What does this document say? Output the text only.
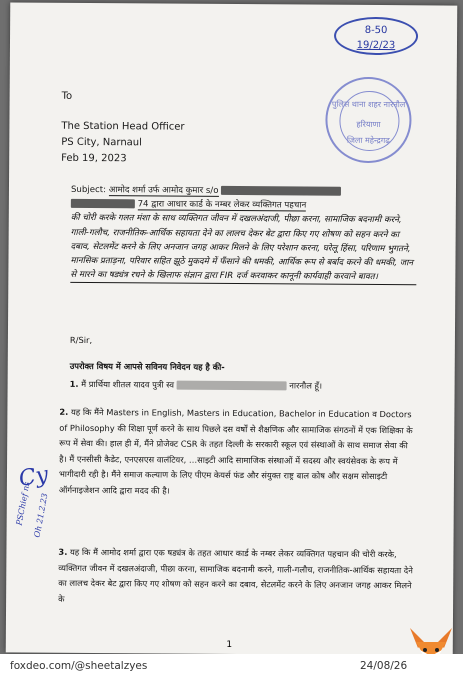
8-50
19/2/23
पुलिस थाना शहर नारनौल
हरियाणा
जिला महेन्द्रगढ़
To
The Station Head Officer
PS City, Narnaul
Feb 19, 2023
Subject: आमोद शर्मा उर्फ आमोद कुमार s/o
74 द्वारा आधार कार्ड के नम्बर लेकर व्यक्तिगत पहचान
की चोरी करके गलत मंशा के साथ व्यक्तिगत जीवन में दखलअंदाजी, पीछा करना, सामाजिक बदनामी करने, गाली-गलौच, राजनीतिक-आर्थिक सहायता देने का लालच देकर बेट द्वारा किए गए शोषण को सहन करने का दबाव, सेटलमेंट करने के लिए अनजान जगह आकर मिलने के लिए परेशान करना, घरेलू हिंसा, परिणाम भुगतने, मानसिक प्रताड़ना, परिवार सहित झूठे मुकदमे में फँसाने की धमकी, आर्थिक रूप से बर्बाद करने की धमकी, जान से मारने का षड्यंत्र रचने के खिलाफ संज्ञान द्वारा FIR दर्ज करवाकर कानूनी कार्यवाही करवाने बावत।
R/Sir,
उपरोक्त विषय में आपसे सविनय निवेदन यह है की-
1. मैं प्रार्थिया शीतल यादव पुत्री स्व	नारनौल हूँ।
2. यह कि मैंने Masters in English, Masters in Education, Bachelor in Education व Doctors of Philosophy की शिक्षा पूर्ण करने के साथ पिछले दस वर्षों से शैक्षणिक और सामाजिक संगठनों में एक शिक्षिका के रूप में सेवा की। हाल ही में, मैंने प्रोजेक्ट CSR के तहत दिल्ली के सरकारी स्कूल एवं संस्थाओं के साथ समाज सेवा की है। मैं एनसीसी कैडेट, एनएसएस वालंटियर, …साइटी आदि सामाजिक संस्थाओं में सदस्य और स्वयंसेवक के रूप में भागीदारी रही है। मैंने समाज कल्याण के लिए पीएम केयर्स फंड और संयुक्त राष्ट्र बाल कोष और सक्षम सोसाइटी ऑर्गनाइजेशन आदि द्वारा मदद की है।
3. यह कि मैं आमोद शर्मा द्वारा एक षड्यंत्र के तहत आधार कार्ड के नम्बर लेकर व्यक्तिगत पहचान की चोरी करके, व्यक्तिगत जीवन में दखलअंदाजी, पीछा करना, सामाजिक बदनामी करने, गाली-गलौच, राजनीतिक-आर्थिक सहायता देने का लालच देकर बेट द्वारा किए गए शोषण को सहन करने का दबाव, सेटलमेंट करने के लिए अनजान जगह आकर मिलने के
Cy
PSChief ns Oh 21.2.23
1
foxdeo.com/@sheetalzyes	24/08/26
